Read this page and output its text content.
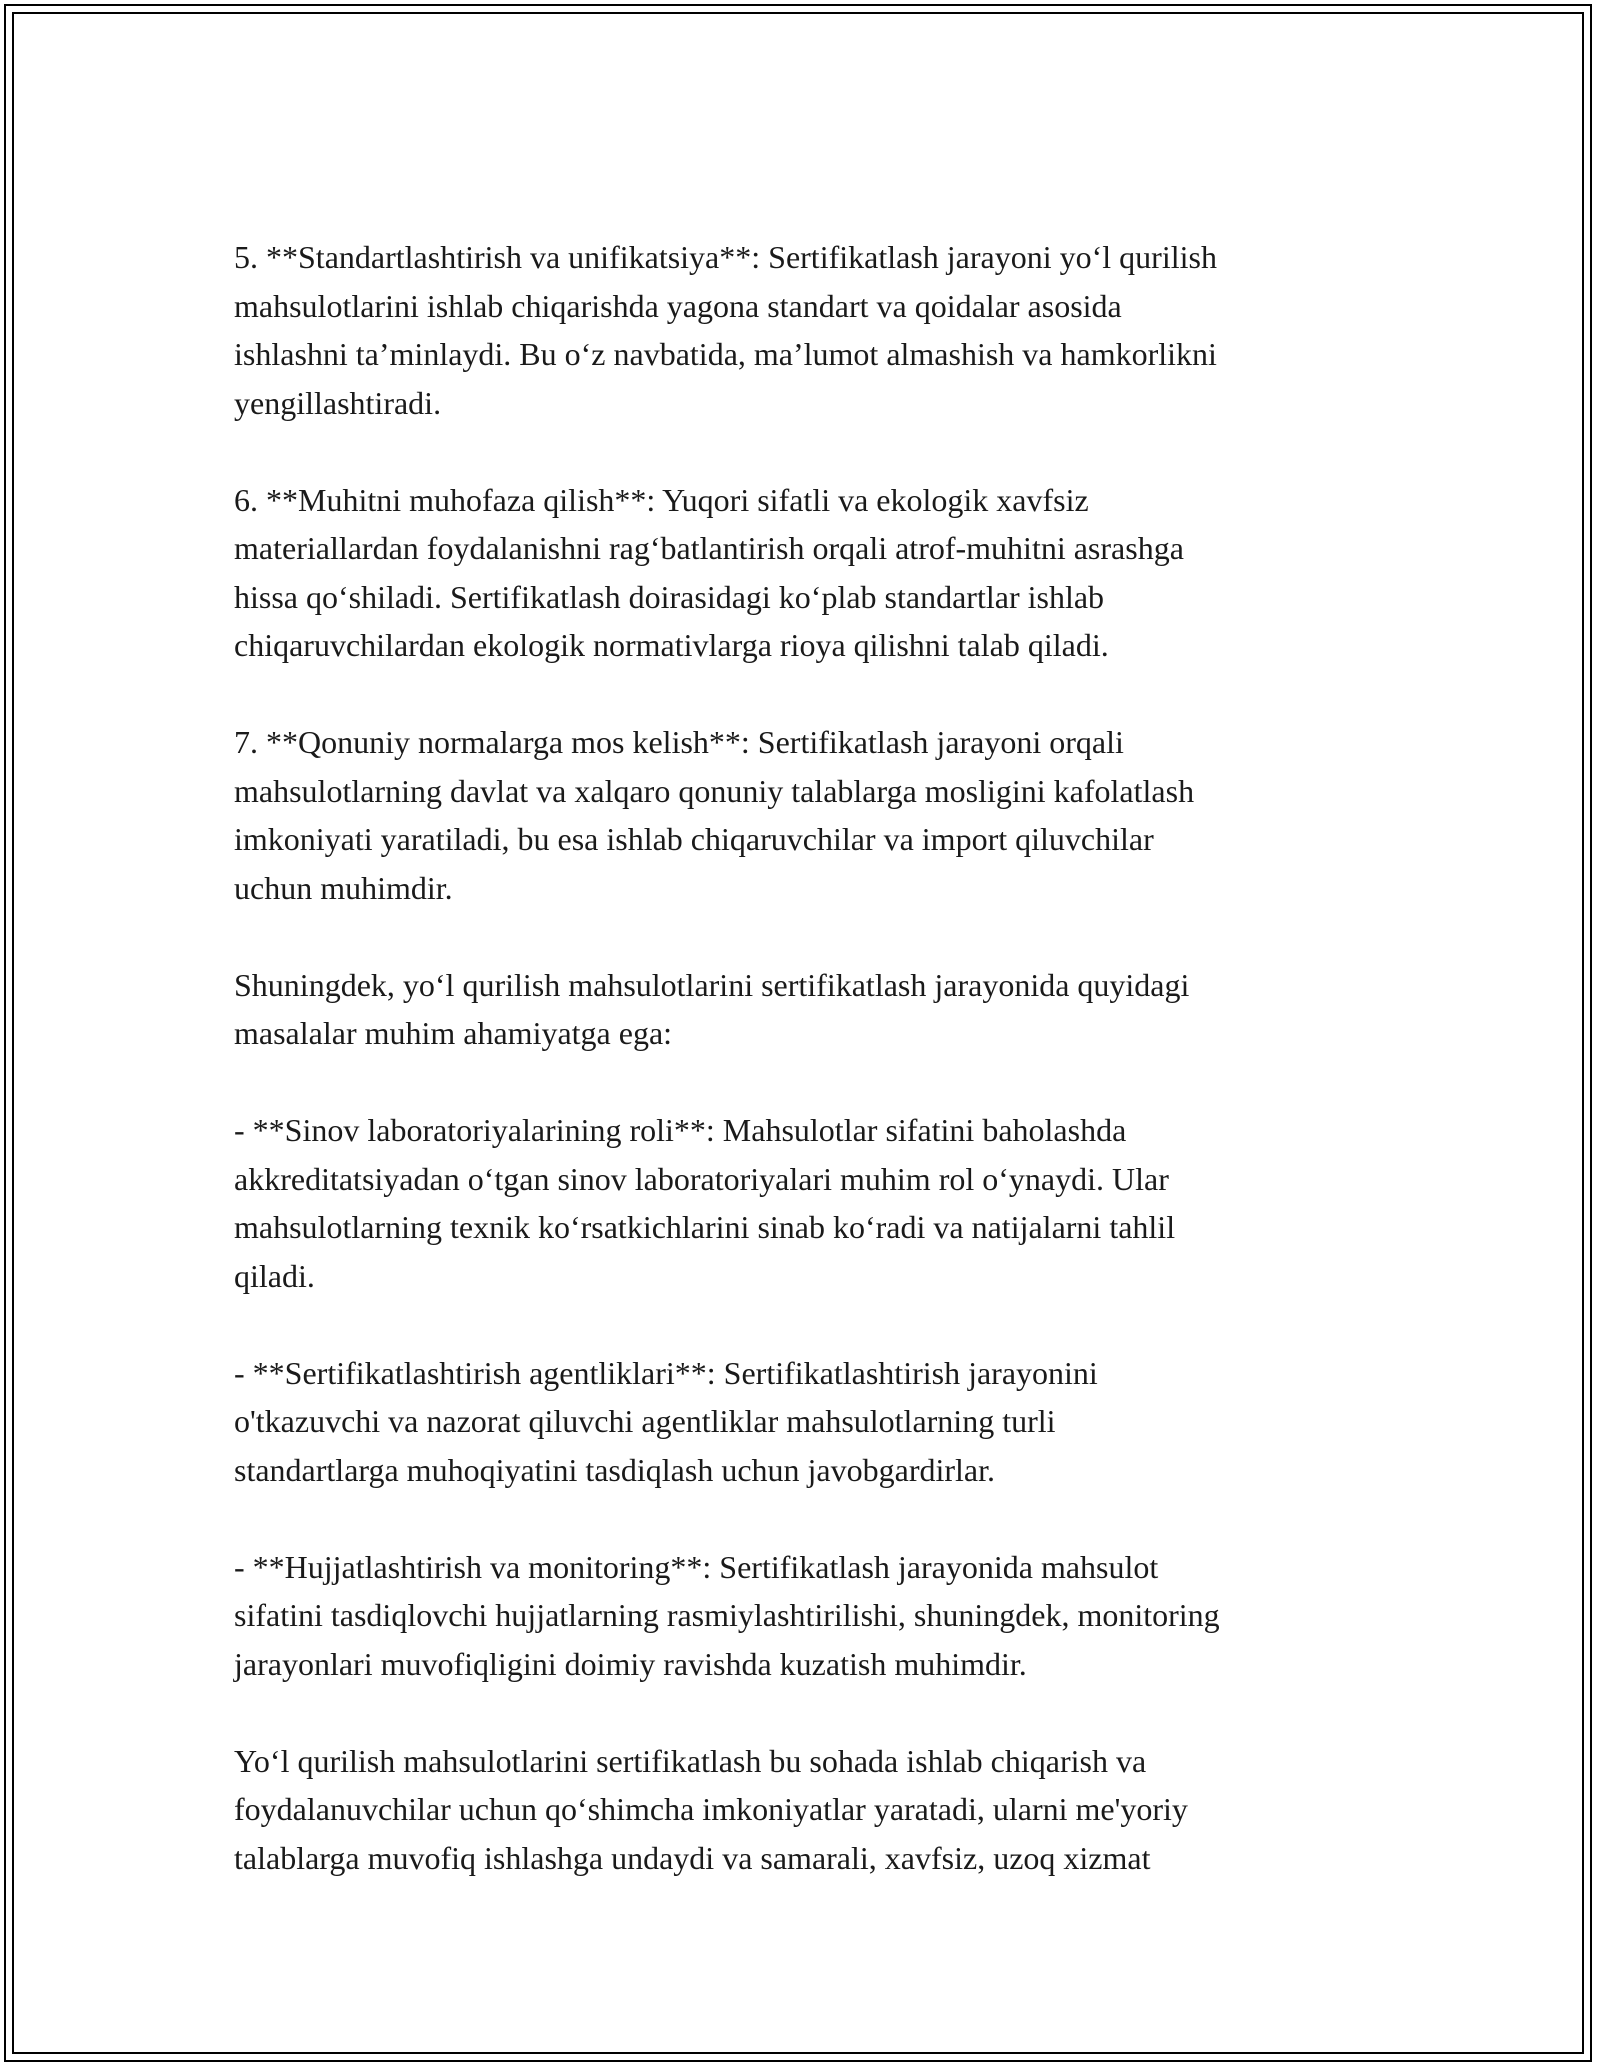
5. **Standartlashtirish va unifikatsiya**: Sertifikatlash jarayoni yo‘l qurilish
mahsulotlarini ishlab chiqarishda yagona standart va qoidalar asosida
ishlashni ta’minlaydi. Bu o‘z navbatida, ma’lumot almashish va hamkorlikni
yengillashtiradi.

6. **Muhitni muhofaza qilish**: Yuqori sifatli va ekologik xavfsiz
materiallardan foydalanishni rag‘batlantirish orqali atrof-muhitni asrashga
hissa qo‘shiladi. Sertifikatlash doirasidagi ko‘plab standartlar ishlab
chiqaruvchilardan ekologik normativlarga rioya qilishni talab qiladi.

7. **Qonuniy normalarga mos kelish**: Sertifikatlash jarayoni orqali
mahsulotlarning davlat va xalqaro qonuniy talablarga mosligini kafolatlash
imkoniyati yaratiladi, bu esa ishlab chiqaruvchilar va import qiluvchilar
uchun muhimdir.

Shuningdek, yo‘l qurilish mahsulotlarini sertifikatlash jarayonida quyidagi
masalalar muhim ahamiyatga ega:

- **Sinov laboratoriyalarining roli**: Mahsulotlar sifatini baholashda
akkreditatsiyadan o‘tgan sinov laboratoriyalari muhim rol o‘ynaydi. Ular
mahsulotlarning texnik ko‘rsatkichlarini sinab ko‘radi va natijalarni tahlil
qiladi.

- **Sertifikatlashtirish agentliklari**: Sertifikatlashtirish jarayonini
o'tkazuvchi va nazorat qiluvchi agentliklar mahsulotlarning turli
standartlarga muhoqiyatini tasdiqlash uchun javobgardirlar.

- **Hujjatlashtirish va monitoring**: Sertifikatlash jarayonida mahsulot
sifatini tasdiqlovchi hujjatlarning rasmiylashtirilishi, shuningdek, monitoring
jarayonlari muvofiqligini doimiy ravishda kuzatish muhimdir.

Yo‘l qurilish mahsulotlarini sertifikatlash bu sohada ishlab chiqarish va
foydalanuvchilar uchun qo‘shimcha imkoniyatlar yaratadi, ularni me'yoriy
talablarga muvofiq ishlashga undaydi va samarali, xavfsiz, uzoq xizmat
